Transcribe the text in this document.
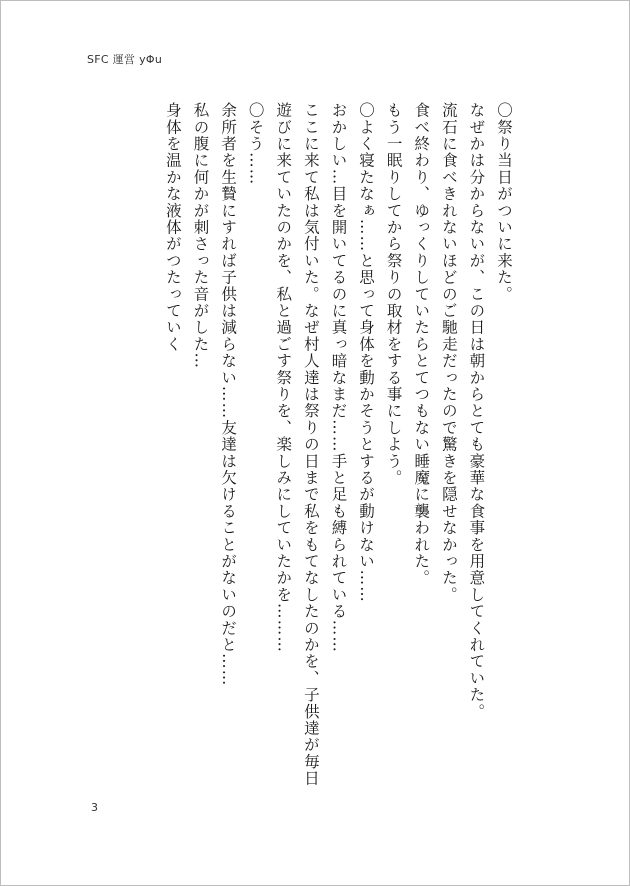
SFC 運営 yΦu
〇祭り当日がついに来た。
なぜかは分からないが、この日は朝からとても豪華な食事を用意してくれていた。
流石に食べきれないほどのご馳走だったので驚きを隠せなかった。
食べ終わり、ゆっくりしていたらとてつもない睡魔に襲われた。
もう一眠りしてから祭りの取材をする事にしよう。
〇よく寝たなぁ……と思って身体を動かそうとするが動けない……
おかしい…目を開いてるのに真っ暗なまだ……手と足も縛られている……
ここに来て私は気付いた。なぜ村人達は祭りの日まで私をもてなしたのかを、子供達が毎日
遊びに来ていたのかを、私と過ごす祭りを、楽しみにしていたかを………
〇そう……
余所者を生贄にすれば子供は減らない……友達は欠けることがないのだと……
私の腹に何かが刺さった音がした…
身体を温かな液体がつたっていく
3
